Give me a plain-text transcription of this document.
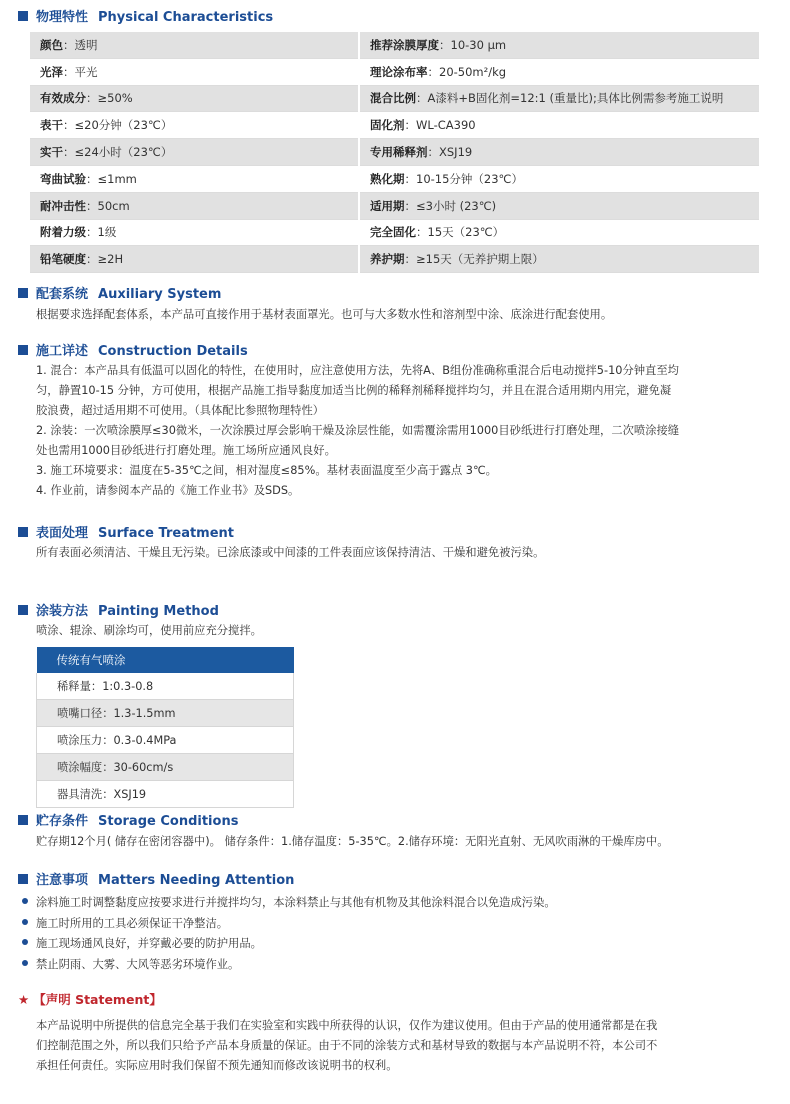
物理特性 Physical Characteristics
颜色：透明	推荐涂膜厚度：10-30 μm
光泽：平光	理论涂布率：20-50m²/kg
有效成分：≥50%	混合比例：A漆料+B固化剂=12:1 (重量比);具体比例需参考施工说明
表干：≤20分钟（23℃）	固化剂：WL-CA390
实干：≤24小时（23℃）	专用稀释剂：XSJ19
弯曲试验：≤1mm	熟化期：10-15分钟（23℃）
耐冲击性：50cm	适用期：≤3小时 (23℃)
附着力级：1级	完全固化：15天（23℃）
铅笔硬度：≥2H	养护期：≥15天（无养护期上限）
配套系统 Auxiliary System
根据要求选择配套体系，本产品可直接作用于基材表面罩光。也可与大多数水性和溶剂型中涂、底涂进行配套使用。
施工详述 Construction Details

1. 混合：本产品具有低温可以固化的特性，在使用时，应注意使用方法，先将A、B组份准确称重混合后电动搅拌5-10分钟直至均

匀，静置10-15 分钟，方可使用，根据产品施工指导黏度加适当比例的稀释剂稀释搅拌均匀，并且在混合适用期内用完，避免凝

胶浪费，超过适用期不可使用。（具体配比参照物理特性）

2. 涂装：一次喷涂膜厚≤30微米，一次涂膜过厚会影响干燥及涂层性能，如需覆涂需用1000目砂纸进行打磨处理，二次喷涂接缝

处也需用1000目砂纸进行打磨处理。施工场所应通风良好。

3. 施工环境要求：温度在5-35℃之间，相对湿度≤85%。基材表面温度至少高于露点 3℃。

4. 作业前，请参阅本产品的《施工作业书》及SDS。

表面处理 Surface Treatment
所有表面必须清洁、干燥且无污染。已涂底漆或中间漆的工件表面应该保持清洁、干燥和避免被污染。
涂装方法 Painting Method
喷涂、辊涂、刷涂均可，使用前应充分搅拌。
传统有气喷涂
稀释量：1:0.3-0.8
喷嘴口径：1.3-1.5mm
喷涂压力：0.3-0.4MPa
喷涂幅度：30-60cm/s
器具清洗：XSJ19
贮存条件 Storage Conditions
贮存期12个月( 储存在密闭容器中)。 储存条件：1.储存温度：5-35℃。2.储存环境：无阳光直射、无风吹雨淋的干燥库房中。
注意事项 Matters Needing Attention
涂料施工时调整黏度应按要求进行并搅拌均匀，本涂料禁止与其他有机物及其他涂料混合以免造成污染。
施工时所用的工具必须保证干净整洁。
施工现场通风良好，并穿戴必要的防护用品。
禁止阴雨、大雾、大风等恶劣环境作业。
★ 【声明 Statement】

本产品说明中所提供的信息完全基于我们在实验室和实践中所获得的认识，仅作为建议使用。但由于产品的使用通常都是在我

们控制范围之外，所以我们只给予产品本身质量的保证。由于不同的涂装方式和基材导致的数据与本产品说明不符，本公司不

承担任何责任。实际应用时我们保留不预先通知而修改该说明书的权利。
